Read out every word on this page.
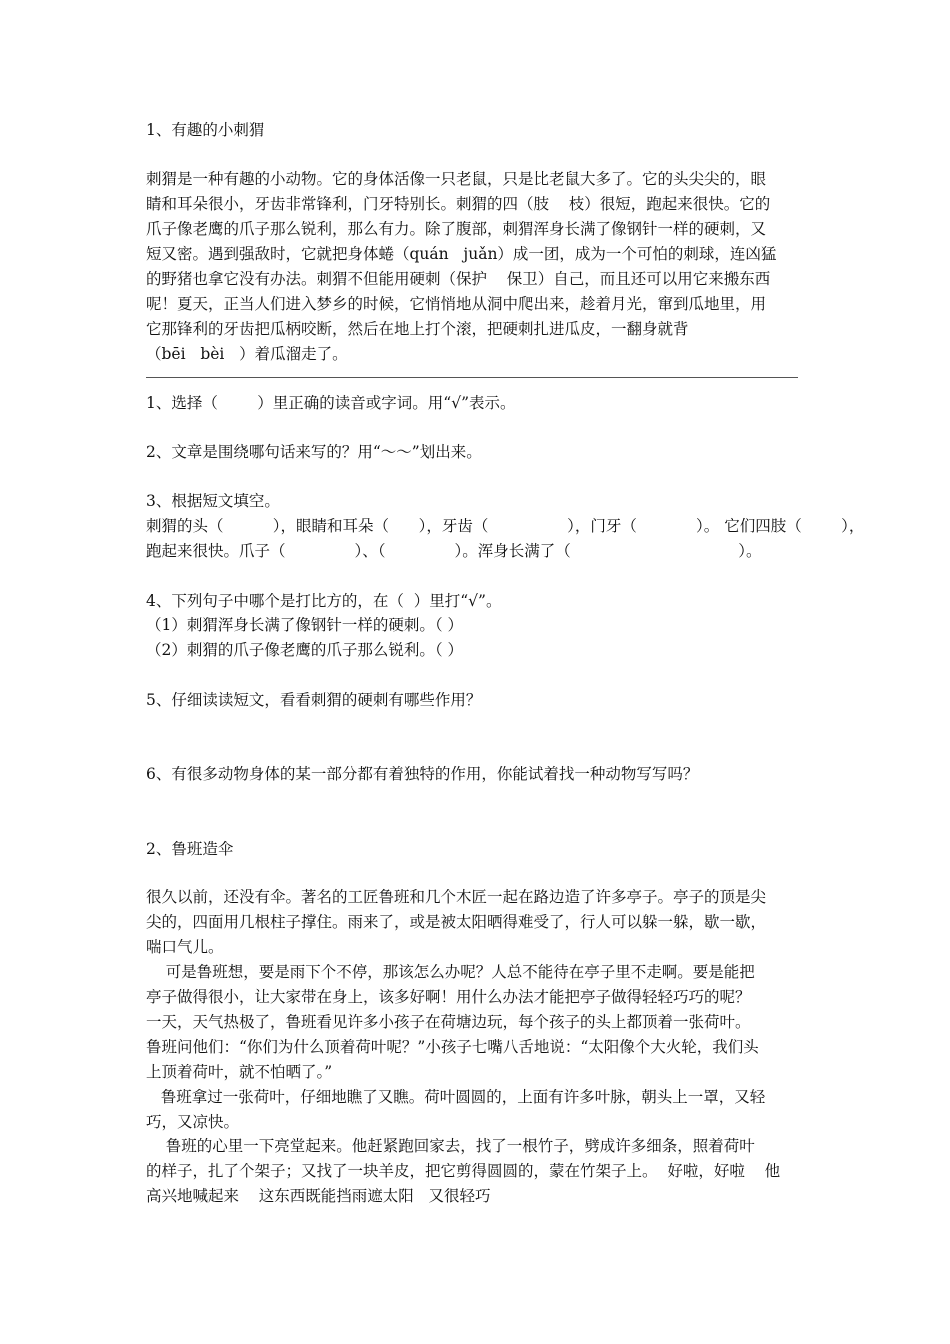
1、有趣的小刺猬
刺猬是一种有趣的小动物。它的身体活像一只老鼠，只是比老鼠大多了。它的头尖尖的，眼
睛和耳朵很小，牙齿非常锋利，门牙特别长。刺猬的四（肢    枝）很短，跑起来很快。它的
爪子像老鹰的爪子那么锐利，那么有力。除了腹部，刺猬浑身长满了像钢针一样的硬刺，又
短又密。遇到强敌时，它就把身体蜷（quán   juǎn）成一团，成为一个可怕的刺球，连凶猛
的野猪也拿它没有办法。刺猬不但能用硬刺（保护    保卫）自己，而且还可以用它来搬东西
呢！夏天，正当人们进入梦乡的时候，它悄悄地从洞中爬出来，趁着月光，窜到瓜地里，用
它那锋利的牙齿把瓜柄咬断，然后在地上打个滚，把硬刺扎进瓜皮，一翻身就背
（bēi   bèi   ）着瓜溜走了。
1、选择（        ）里正确的读音或字词。用“√”表示。
2、文章是围绕哪句话来写的？用“～～”划出来。
3、根据短文填空。
刺猬的头（          ），眼睛和耳朵（      ），牙齿（                ），门牙（            ）。 它们四肢（        ），
跑起来很快。爪子（              ）、（              ）。浑身长满了（                                  ）。
4、下列句子中哪个是打比方的，在（  ）里打“√”。
（1）刺猬浑身长满了像钢针一样的硬刺。（ ）
（2）刺猬的爪子像老鹰的爪子那么锐利。（ ）
5、仔细读读短文，看看刺猬的硬刺有哪些作用？
6、有很多动物身体的某一部分都有着独特的作用，你能试着找一种动物写写吗？
2、鲁班造伞
很久以前，还没有伞。著名的工匠鲁班和几个木匠一起在路边造了许多亭子。亭子的顶是尖
尖的，四面用几根柱子撑住。雨来了，或是被太阳晒得难受了，行人可以躲一躲，歇一歇，
喘口气儿。
可是鲁班想，要是雨下个不停，那该怎么办呢？人总不能待在亭子里不走啊。要是能把
亭子做得很小，让大家带在身上，该多好啊！用什么办法才能把亭子做得轻轻巧巧的呢？
一天，天气热极了，鲁班看见许多小孩子在荷塘边玩，每个孩子的头上都顶着一张荷叶。
鲁班问他们：“你们为什么顶着荷叶呢？”小孩子七嘴八舌地说：“太阳像个大火轮，我们头
上顶着荷叶，就不怕晒了。”
鲁班拿过一张荷叶，仔细地瞧了又瞧。荷叶圆圆的，上面有许多叶脉，朝头上一罩，又轻
巧，又凉快。
鲁班的心里一下亮堂起来。他赶紧跑回家去，找了一根竹子，劈成许多细条，照着荷叶
的样子，扎了个架子；又找了一块羊皮，把它剪得圆圆的，蒙在竹架子上。  好啦，好啦    他
高兴地喊起来    这东西既能挡雨遮太阳   又很轻巧
